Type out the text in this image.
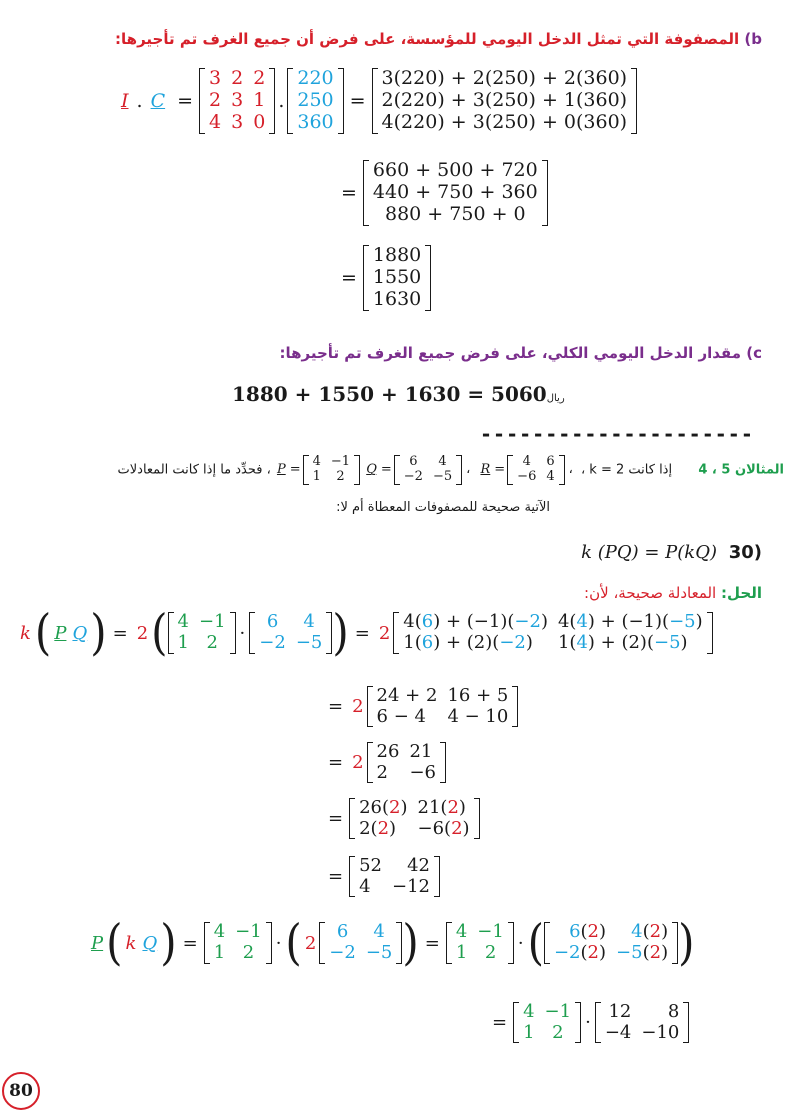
b) المصفوفة التي تمثل الدخل اليومي للمؤسسة، على فرض أن جميع الغرف تم تأجيرها:
I . C =
3	2	2
2	3	1
4	3	0
.
220
250
360
=
3(220) + 2(250) + 2(360)
2(220) + 3(250) + 1(360)
4(220) + 3(250) + 0(360)
=
660 + 500 + 720
440 + 750 + 360
880 + 750 + 0
=
1880
1550
1630
c) مقدار الدخل اليومي الكلي، على فرض جميع الغرف تم تأجيرها:
1880 + 1550 + 1630 = 5060ريال
---------------------
المثالان 5 ، 4  إذا كانت k = 2 ، R =
4	6
−6	4 ، Q =
6	4
−2	−5 ، P =
4	−1
1	2
، فحدِّد ما إذا كانت المعادلات
الآتية صحيحة للمصفوفات المعطاة أم لا:
k (PQ) = P(kQ) 30)
الحل: المعادلة صحيحة، لأن:
k( P Q) = 2( 4	−1
1	2 ·
6	4
−2	−5 ) = 2
4(6) + (−1)(−2)	4(4) + (−1)(−5)
1(6) + (2)(−2)	1(4) + (2)(−5)
= 2
24 + 2	16 + 5
6 − 4	4 − 10
= 2
26	21
2	−6
=
26(2)	21(2)
2(2)	−6(2)
=
52	42
4	−12
P( k Q) =
4	−1
1	2 ·( 2
6	4
−2	−5 ) =
4	−1
1	2 ·( 6(2)	4(2)
−2(2)	−5(2) )
=
4	−1
1	2 ·
12	8
−4	−10
80
